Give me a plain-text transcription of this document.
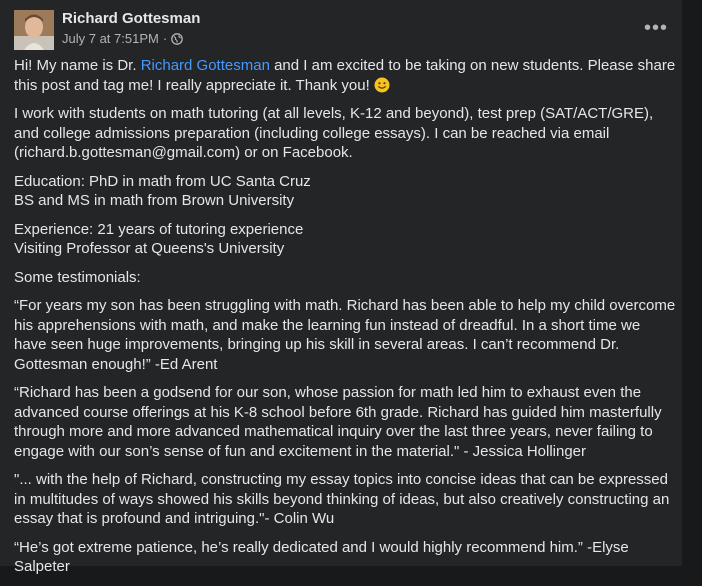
Richard Gottesman
July 7 at 7:51PM ·	•••

Hi! My name is Dr. Richard Gottesman and I am excited to be taking on new students. Please share this post and tag me! I really appreciate it. Thank you!

I work with students on math tutoring (at all levels, K-12 and beyond), test prep (SAT/ACT/GRE), and college admissions preparation (including college essays). I can be reached via email (richard.b.gottesman@gmail.com) or on Facebook.

Education: PhD in math from UC Santa Cruz
BS and MS in math from Brown University

Experience: 21 years of tutoring experience
Visiting Professor at Queens's University

Some testimonials:

“For years my son has been struggling with math. Richard has been able to help my child overcome his apprehensions with math, and make the learning fun instead of dreadful. In a short time we have seen huge improvements, bringing up his skill in several areas. I can’t recommend Dr. Gottesman enough!” -Ed Arent

“Richard has been a godsend for our son, whose passion for math led him to exhaust even the advanced course offerings at his K-8 school before 6th grade. Richard has guided him masterfully through more and more advanced mathematical inquiry over the last three years, never failing to engage with our son’s sense of fun and excitement in the material." - Jessica Hollinger

"... with the help of Richard, constructing my essay topics into concise ideas that can be expressed in multitudes of ways showed his skills beyond thinking of ideas, but also creatively constructing an essay that is profound and intriguing."- Colin Wu

“He’s got extreme patience, he’s really dedicated and I would highly recommend him.” -Elyse Salpeter
